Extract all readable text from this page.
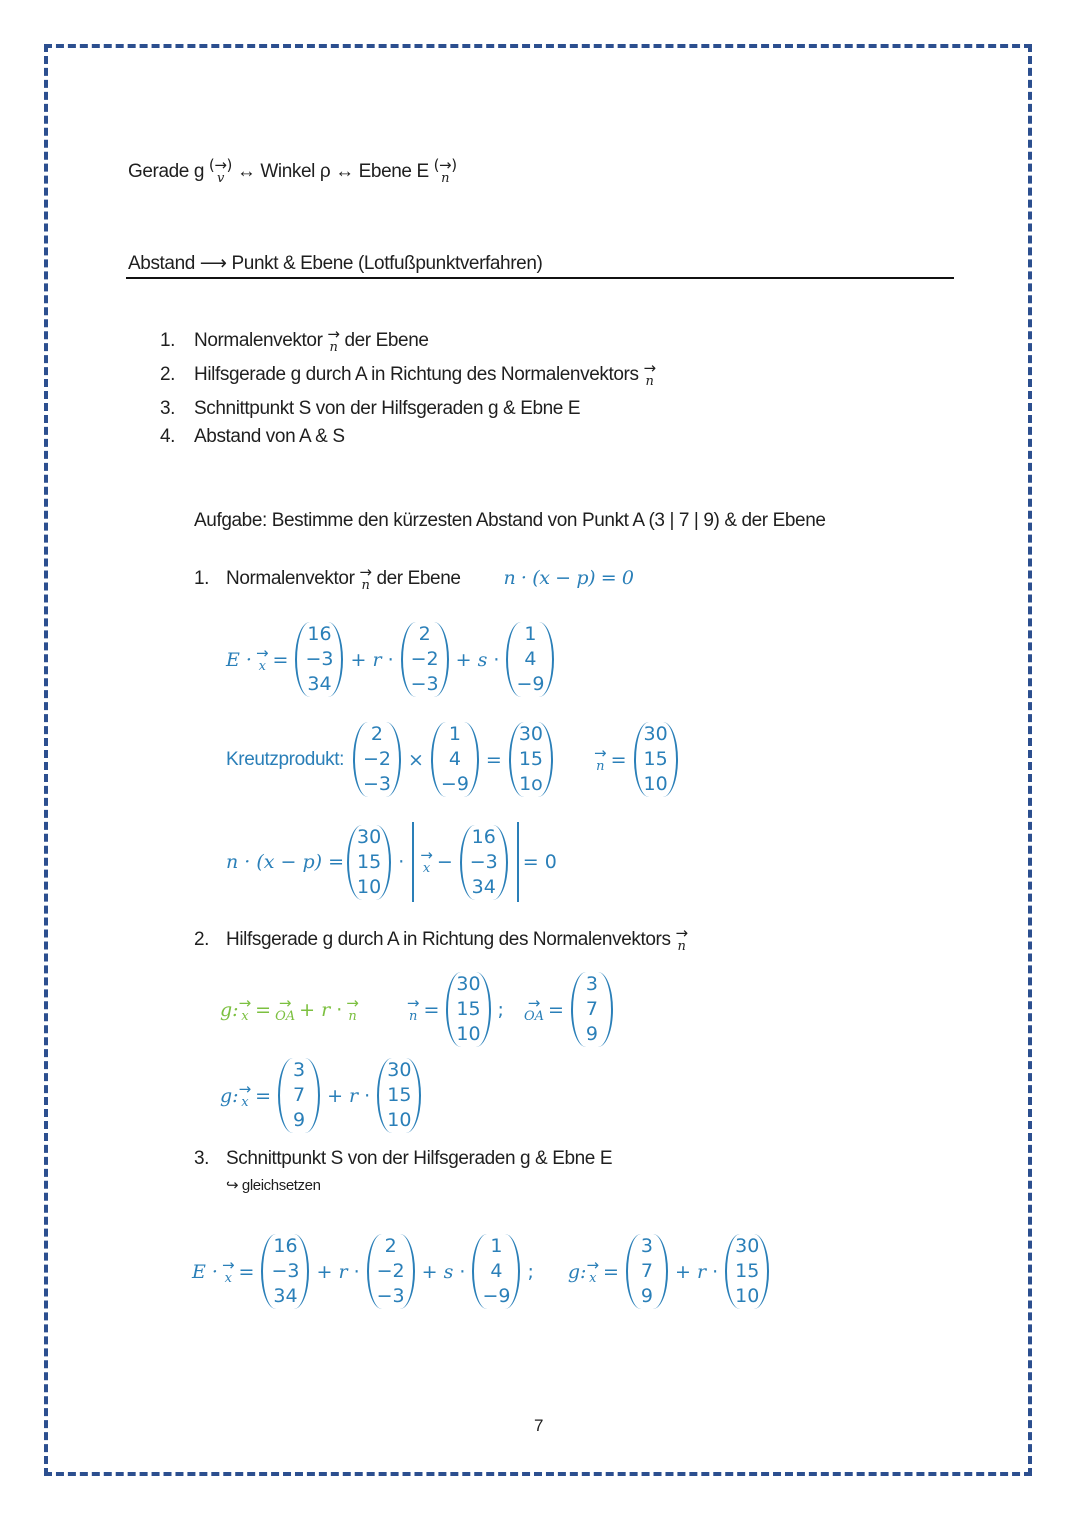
Gerade g (→)
v ↔ Winkel ρ ↔ Ebene E (→)
n
Abstand ⟶ Punkt & Ebene (Lotfußpunktverfahren)
1. Normalenvektor →
n der Ebene
2. Hilfsgerade g durch A in Richtung des Normalenvektors →
n
3. Schnittpunkt S von der Hilfsgeraden g & Ebne E
4. Abstand von A & S
Aufgabe: Bestimme den kürzesten Abstand von Punkt A (3 | 7 | 9) & der Ebene
1. Normalenvektor →
n der Ebene n · (x − p) = 0
E · →
x =
16
−3
34
+ r ·
2
−2
−3
+ s ·
1
4
−9
Kreutzprodukt:
2
−2
−3
×
1
4
−9
=
30
15
1o
→
n =
30
15
10
n · (x − p) =
30
15
10
· →
x −
16
−3
34
= 0
2. Hilfsgerade g durch A in Richtung des Normalenvektors →
n
g: →
x = →
OA + r · →
n
→
n =
30
15
10
; →
OA =
3
7
9
g: →
x =
3
7
9
+ r ·
30
15
10
3. Schnittpunkt S von der Hilfsgeraden g & Ebne E
↪ gleichsetzen
E · →
x =
16
−3
34
+ r ·
2
−2
−3
+ s ·
1
4
−9
; g: →
x =
3
7
9
+ r ·
30
15
10
7
